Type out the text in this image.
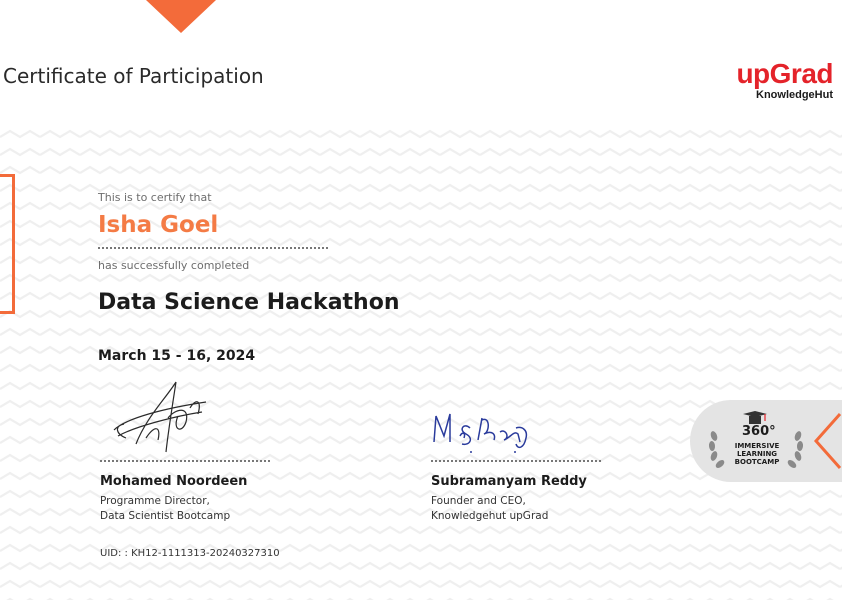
Certificate of Participation	upGrad
KnowledgeHut
This is to certify that
Isha Goel
has successfully completed
Data Science Hackathon
March 15 - 16, 2024
Mohamed Noordeen
Programme Director,
Data Scientist Bootcamp
Subramanyam Reddy
Founder and CEO,
Knowledgehut upGrad
UID: : KH12-1111313-20240327310
360°
IMMERSIVE
LEARNING
BOOTCAMP
